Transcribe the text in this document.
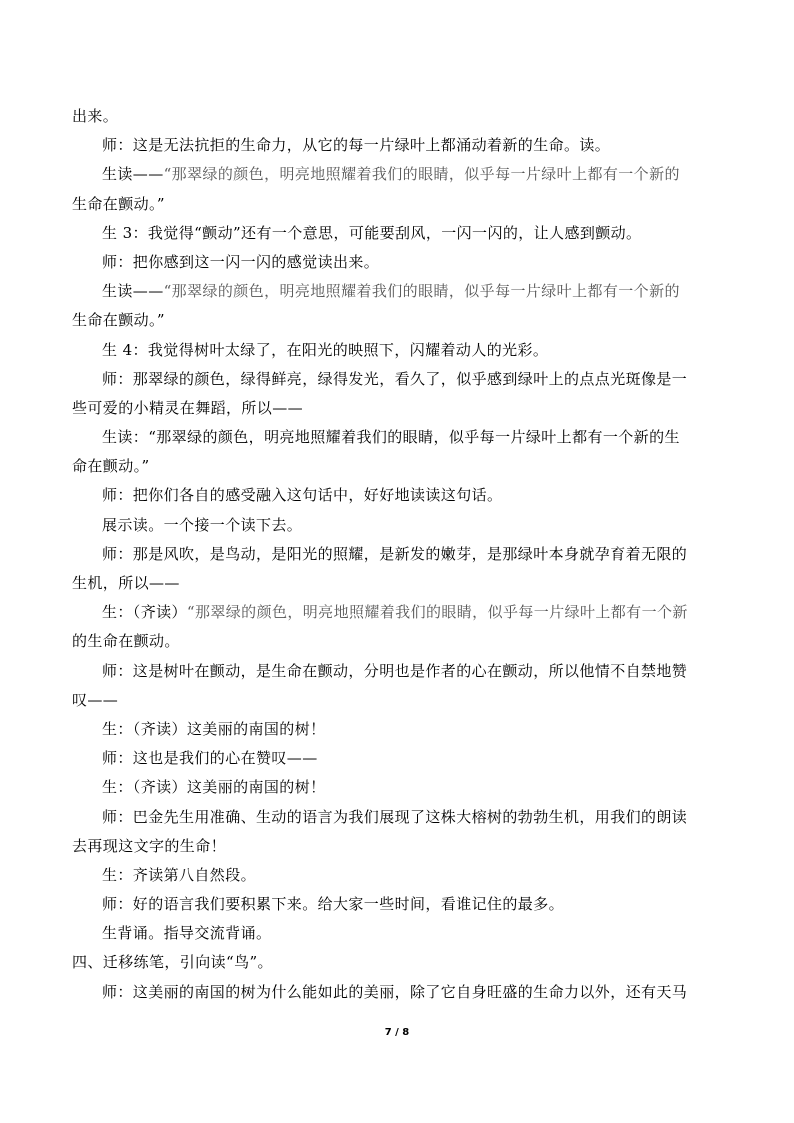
出来。
师：这是无法抗拒的生命力，从它的每一片绿叶上都涌动着新的生命。读。
生读——“那翠绿的颜色，明亮地照耀着我们的眼睛，似乎每一片绿叶上都有一个新的
生命在颤动。”
生 3：我觉得“颤动”还有一个意思，可能要刮风，一闪一闪的，让人感到颤动。
师：把你感到这一闪一闪的感觉读出来。
生读——“那翠绿的颜色，明亮地照耀着我们的眼睛，似乎每一片绿叶上都有一个新的
生命在颤动。”
生 4：我觉得树叶太绿了，在阳光的映照下，闪耀着动人的光彩。
师：那翠绿的颜色，绿得鲜亮，绿得发光，看久了，似乎感到绿叶上的点点光斑像是一
些可爱的小精灵在舞蹈，所以——
生读：“那翠绿的颜色，明亮地照耀着我们的眼睛，似乎每一片绿叶上都有一个新的生
命在颤动。”
师：把你们各自的感受融入这句话中，好好地读读这句话。
展示读。一个接一个读下去。
师：那是风吹，是鸟动，是阳光的照耀，是新发的嫩芽，是那绿叶本身就孕育着无限的
生机，所以——
生：（齐读）“那翠绿的颜色，明亮地照耀着我们的眼睛，似乎每一片绿叶上都有一个新
的生命在颤动。
师：这是树叶在颤动，是生命在颤动，分明也是作者的心在颤动，所以他情不自禁地赞
叹——
生：（齐读）这美丽的南国的树！
师：这也是我们的心在赞叹——
生：（齐读）这美丽的南国的树！
师：巴金先生用准确、生动的语言为我们展现了这株大榕树的勃勃生机，用我们的朗读
去再现这文字的生命！
生：齐读第八自然段。
师：好的语言我们要积累下来。给大家一些时间，看谁记住的最多。
生背诵。指导交流背诵。
四、迁移练笔，引向读“鸟”。
师：这美丽的南国的树为什么能如此的美丽，除了它自身旺盛的生命力以外，还有天马
7 / 8
